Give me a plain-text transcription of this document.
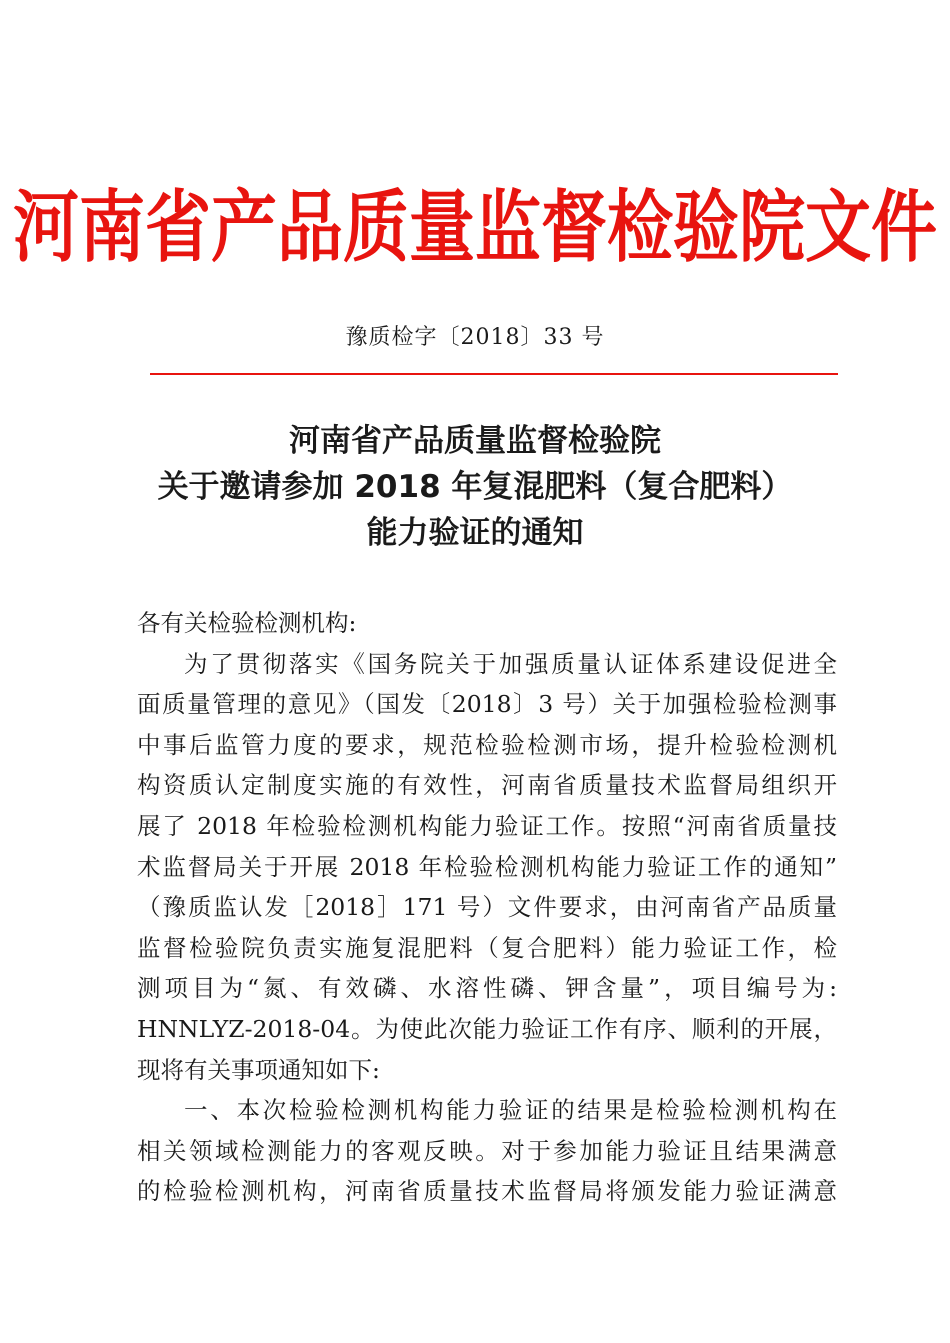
河南省产品质量监督检验院文件
豫质检字〔2018〕33 号
河南省产品质量监督检验院
关于邀请参加 2018 年复混肥料（复合肥料）
能力验证的通知
各有关检验检测机构:
为了贯彻落实《国务院关于加强质量认证体系建设促进全
面质量管理的意见》（国发〔2018〕3 号）关于加强检验检测事
中事后监管力度的要求，规范检验检测市场，提升检验检测机
构资质认定制度实施的有效性，河南省质量技术监督局组织开
展了 2018 年检验检测机构能力验证工作。按照“河南省质量技
术监督局关于开展 2018 年检验检测机构能力验证工作的通知”
（豫质监认发［2018］171 号）文件要求，由河南省产品质量
监督检验院负责实施复混肥料（复合肥料）能力验证工作，检
测项目为“氮、有效磷、水溶性磷、钾含量”，项目编号为:
HNNLYZ-2018-04。为使此次能力验证工作有序、顺利的开展，
现将有关事项通知如下:
一、本次检验检测机构能力验证的结果是检验检测机构在
相关领域检测能力的客观反映。对于参加能力验证且结果满意
的检验检测机构，河南省质量技术监督局将颁发能力验证满意
